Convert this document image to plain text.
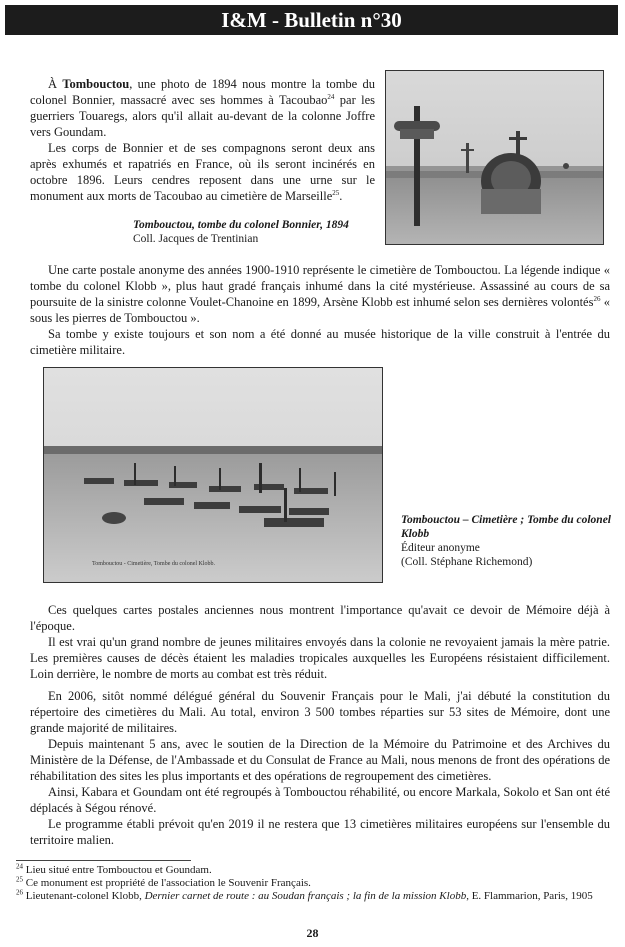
I&M - Bulletin n°30
À Tombouctou, une photo de 1894 nous montre la tombe du colonel Bonnier, massacré avec ses hommes à Tacoubao$^{24}$ par les guerriers Touaregs, alors qu'il allait au-devant de la colonne Joffre vers Goundam.
Les corps de Bonnier et de ses compagnons seront deux ans après exhumés et rapatriés en France, où ils seront incinérés en octobre 1896. Leurs cendres reposent dans une urne sur le monument aux morts de Tacoubao au cimetière de Marseille$^{25}$.
Tombouctou, tombe du colonel Bonnier, 1894
Coll. Jacques de Trentinian
Une carte postale anonyme des années 1900-1910 représente le cimetière de Tombouctou. La légende indique « tombe du colonel Klobb », plus haut gradé français inhumé dans la cité mystérieuse. Assassiné au cours de sa poursuite de la sinistre colonne Voulet-Chanoine en 1899, Arsène Klobb est inhumé selon ses dernières volontés$^{26}$ « sous les pierres de Tombouctou ».
Sa tombe y existe toujours et son nom a été donné au musée historique de la ville construit à l'entrée du cimetière militaire.
Tombouctou - Cimetière, Tombe du colonel Klobb.
Tombouctou – Cimetière ; Tombe du colonel Klobb
Éditeur anonyme
(Coll. Stéphane Richemond)
Ces quelques cartes postales anciennes nous montrent l'importance qu'avait ce devoir de Mémoire déjà à l'époque.
Il est vrai qu'un grand nombre de jeunes militaires envoyés dans la colonie ne revoyaient jamais la mère patrie. Les premières causes de décès étaient les maladies tropicales auxquelles les Européens résistaient difficilement. Loin derrière, le nombre de morts au combat est très réduit.
En 2006, sitôt nommé délégué général du Souvenir Français pour le Mali, j'ai débuté la constitution du répertoire des cimetières du Mali. Au total, environ 3 500 tombes réparties sur 53 sites de Mémoire, dont une grande majorité de militaires.
Depuis maintenant 5 ans, avec le soutien de la Direction de la Mémoire du Patrimoine et des Archives du Ministère de la Défense, de l'Ambassade et du Consulat de France au Mali, nous menons de front des opérations de réhabilitation des sites les plus importants et des opérations de regroupement des cimetières.
Ainsi, Kabara et Goundam ont été regroupés à Tombouctou réhabilité, ou encore Markala, Sokolo et San ont été déplacés à Ségou rénové.
Le programme établi prévoit qu'en 2019 il ne restera que 13 cimetières militaires européens sur l'ensemble du territoire malien.
$^{24}$ Lieu situé entre Tombouctou et Goundam.
$^{25}$ Ce monument est propriété de l'association le Souvenir Français.
$^{26}$ Lieutenant-colonel Klobb, Dernier carnet de route : au Soudan français ; la fin de la mission Klobb, E. Flammarion, Paris, 1905
28
